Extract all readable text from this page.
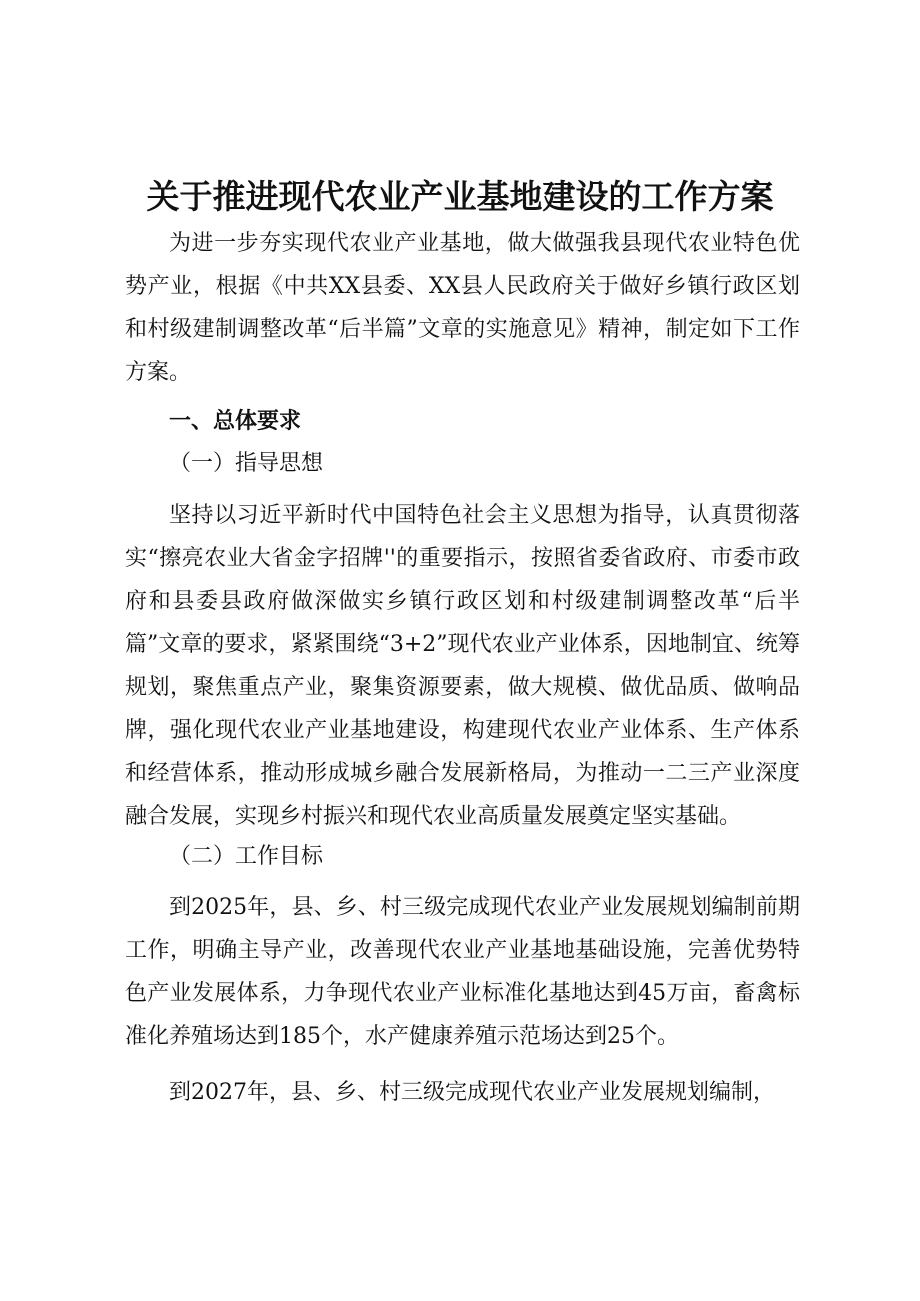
关于推进现代农业产业基地建设的工作方案

为进一步夯实现代农业产业基地，做大做强我县现代农业特色优势产业，根据《中共XX县委、XX县人民政府关于做好乡镇行政区划和村级建制调整改革“后半篇”文章的实施意见》精神，制定如下工作方案。

一、总体要求
（一）指导思想

坚持以习近平新时代中国特色社会主义思想为指导，认真贯彻落实“擦亮农业大省金字招牌''的重要指示，按照省委省政府、市委市政府和县委县政府做深做实乡镇行政区划和村级建制调整改革“后半篇”文章的要求，紧紧围绕“3+2”现代农业产业体系，因地制宜、统筹规划，聚焦重点产业，聚集资源要素，做大规模、做优品质、做响品牌，强化现代农业产业基地建设，构建现代农业产业体系、生产体系和经营体系，推动形成城乡融合发展新格局，为推动一二三产业深度融合发展，实现乡村振兴和现代农业高质量发展奠定坚实基础。

（二）工作目标

到2025年，县、乡、村三级完成现代农业产业发展规划编制前期工作，明确主导产业，改善现代农业产业基地基础设施，完善优势特色产业发展体系，力争现代农业产业标准化基地达到45万亩，畜禽标准化养殖场达到185个，水产健康养殖示范场达到25个。

到2027年，县、乡、村三级完成现代农业产业发展规划编制，
